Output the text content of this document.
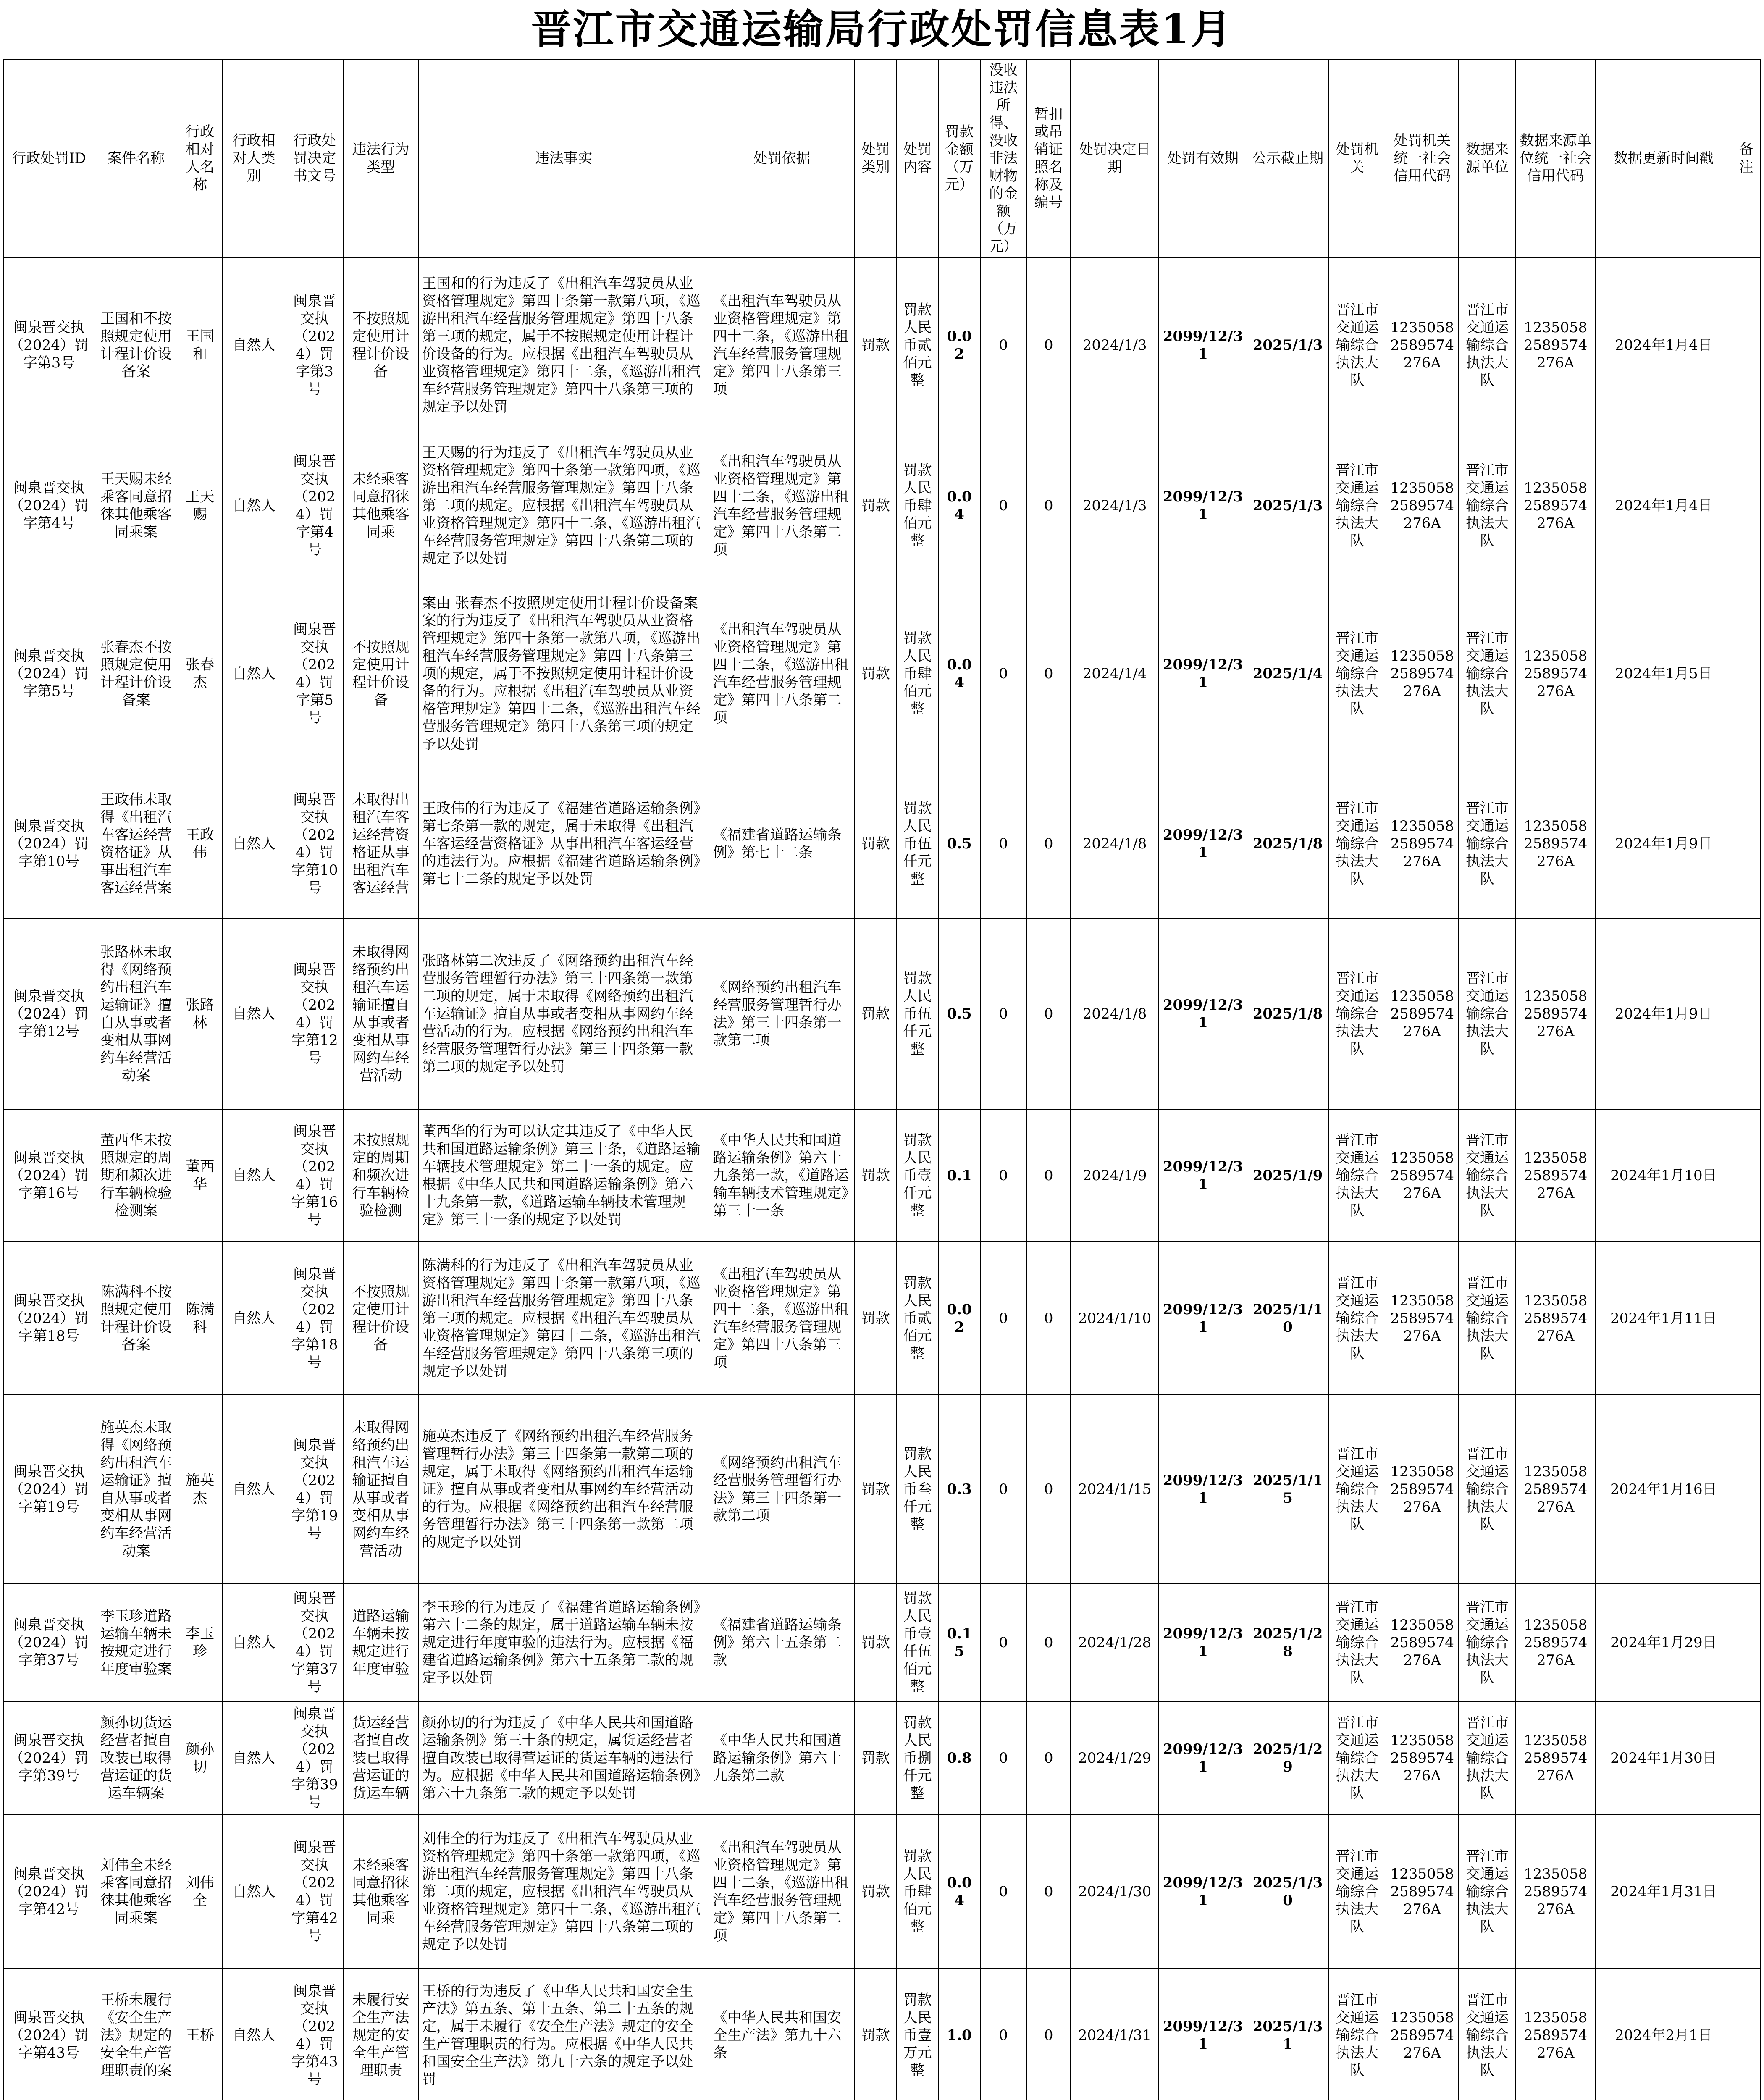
晋江市交通运输局行政处罚信息表1月
行政处罚ID	案件名称	行政相对人名称	行政相对人类别	行政处罚决定书文号	违法行为类型	违法事实	处罚依据	处罚类别	处罚内容	罚款金额（万元）	没收违法所得、没收非法财物的金额（万元）	暂扣或吊销证照名称及编号	处罚决定日期	处罚有效期	公示截止期	处罚机关	处罚机关统一社会信用代码	数据来源单位	数据来源单位统一社会信用代码	数据更新时间戳	备注
闽泉晋交执（2024）罚字第3号	王国和不按照规定使用计程计价设备案	王国和	自然人	闽泉晋交执（2024）罚字第3号	不按照规定使用计程计价设备	王国和的行为违反了《出租汽车驾驶员从业资格管理规定》第四十条第一款第八项，《巡游出租汽车经营服务管理规定》第四十八条第三项的规定，属于不按照规定使用计程计价设备的行为。应根据《出租汽车驾驶员从业资格管理规定》第四十二条，《巡游出租汽车经营服务管理规定》第四十八条第三项的规定予以处罚	《出租汽车驾驶员从业资格管理规定》第四十二条，《巡游出租汽车经营服务管理规定》第四十八条第三项	罚款	罚款人民币贰佰元整	0.02	0	0	2024/1/3	2099/12/31	2025/1/3	晋江市交通运输综合执法大队	12350582589574276A	晋江市交通运输综合执法大队	12350582589574276A	2024年1月4日	
闽泉晋交执（2024）罚字第4号	王天赐未经乘客同意招徕其他乘客同乘案	王天赐	自然人	闽泉晋交执（2024）罚字第4号	未经乘客同意招徕其他乘客同乘	王天赐的行为违反了《出租汽车驾驶员从业资格管理规定》第四十条第一款第四项，《巡游出租汽车经营服务管理规定》第四十八条第二项的规定。应根据《出租汽车驾驶员从业资格管理规定》第四十二条，《巡游出租汽车经营服务管理规定》第四十八条第二项的规定予以处罚	《出租汽车驾驶员从业资格管理规定》第四十二条，《巡游出租汽车经营服务管理规定》第四十八条第二项	罚款	罚款人民币肆佰元整	0.04	0	0	2024/1/3	2099/12/31	2025/1/3	晋江市交通运输综合执法大队	12350582589574276A	晋江市交通运输综合执法大队	12350582589574276A	2024年1月4日	
闽泉晋交执（2024）罚字第5号	张春杰不按照规定使用计程计价设备案	张春杰	自然人	闽泉晋交执（2024）罚字第5号	不按照规定使用计程计价设备	案由 张春杰不按照规定使用计程计价设备案案的行为违反了《出租汽车驾驶员从业资格管理规定》第四十条第一款第八项，《巡游出租汽车经营服务管理规定》第四十八条第三项的规定，属于不按照规定使用计程计价设备的行为。应根据《出租汽车驾驶员从业资格管理规定》第四十二条，《巡游出租汽车经营服务管理规定》第四十八条第三项的规定予以处罚	《出租汽车驾驶员从业资格管理规定》第四十二条，《巡游出租汽车经营服务管理规定》第四十八条第二项	罚款	罚款人民币肆佰元整	0.04	0	0	2024/1/4	2099/12/31	2025/1/4	晋江市交通运输综合执法大队	12350582589574276A	晋江市交通运输综合执法大队	12350582589574276A	2024年1月5日	
闽泉晋交执（2024）罚字第10号	王政伟未取得《出租汽车客运经营资格证》从事出租汽车客运经营案	王政伟	自然人	闽泉晋交执（2024）罚字第10号	未取得出租汽车客运经营资格证从事出租汽车客运经营	王政伟的行为违反了《福建省道路运输条例》第七条第一款的规定，属于未取得《出租汽车客运经营资格证》从事出租汽车客运经营的违法行为。应根据《福建省道路运输条例》第七十二条的规定予以处罚	《福建省道路运输条例》第七十二条	罚款	罚款人民币伍仟元整	0.5	0	0	2024/1/8	2099/12/31	2025/1/8	晋江市交通运输综合执法大队	12350582589574276A	晋江市交通运输综合执法大队	12350582589574276A	2024年1月9日	
闽泉晋交执（2024）罚字第12号	张路林未取得《网络预约出租汽车运输证》擅自从事或者变相从事网约车经营活动案	张路林	自然人	闽泉晋交执（2024）罚字第12号	未取得网络预约出租汽车运输证擅自从事或者变相从事网约车经营活动	张路林第二次违反了《网络预约出租汽车经营服务管理暂行办法》第三十四条第一款第二项的规定，属于未取得《网络预约出租汽车运输证》擅自从事或者变相从事网约车经营活动的行为。应根据《网络预约出租汽车经营服务管理暂行办法》第三十四条第一款第二项的规定予以处罚	《网络预约出租汽车经营服务管理暂行办法》第三十四条第一款第二项	罚款	罚款人民币伍仟元整	0.5	0	0	2024/1/8	2099/12/31	2025/1/8	晋江市交通运输综合执法大队	12350582589574276A	晋江市交通运输综合执法大队	12350582589574276A	2024年1月9日	
闽泉晋交执（2024）罚字第16号	董西华未按照规定的周期和频次进行车辆检验检测案	董西华	自然人	闽泉晋交执（2024）罚字第16号	未按照规定的周期和频次进行车辆检验检测	董西华的行为可以认定其违反了《中华人民共和国道路运输条例》第三十条，《道路运输车辆技术管理规定》第二十一条的规定。应根据《中华人民共和国道路运输条例》第六十九条第一款，《道路运输车辆技术管理规定》第三十一条的规定予以处罚	《中华人民共和国道路运输条例》第六十九条第一款，《道路运输车辆技术管理规定》第三十一条	罚款	罚款人民币壹仟元整	0.1	0	0	2024/1/9	2099/12/31	2025/1/9	晋江市交通运输综合执法大队	12350582589574276A	晋江市交通运输综合执法大队	12350582589574276A	2024年1月10日	
闽泉晋交执（2024）罚字第18号	陈满科不按照规定使用计程计价设备案	陈满科	自然人	闽泉晋交执（2024）罚字第18号	不按照规定使用计程计价设备	陈满科的行为违反了《出租汽车驾驶员从业资格管理规定》第四十条第一款第八项，《巡游出租汽车经营服务管理规定》第四十八条第三项的规定。应根据《出租汽车驾驶员从业资格管理规定》第四十二条，《巡游出租汽车经营服务管理规定》第四十八条第三项的规定予以处罚	《出租汽车驾驶员从业资格管理规定》第四十二条，《巡游出租汽车经营服务管理规定》第四十八条第三项	罚款	罚款人民币贰佰元整	0.02	0	0	2024/1/10	2099/12/31	2025/1/10	晋江市交通运输综合执法大队	12350582589574276A	晋江市交通运输综合执法大队	12350582589574276A	2024年1月11日	
闽泉晋交执（2024）罚字第19号	施英杰未取得《网络预约出租汽车运输证》擅自从事或者变相从事网约车经营活动案	施英杰	自然人	闽泉晋交执（2024）罚字第19号	未取得网络预约出租汽车运输证擅自从事或者变相从事网约车经营活动	施英杰违反了《网络预约出租汽车经营服务管理暂行办法》第三十四条第一款第二项的规定，属于未取得《网络预约出租汽车运输证》擅自从事或者变相从事网约车经营活动的行为。应根据《网络预约出租汽车经营服务管理暂行办法》第三十四条第一款第二项的规定予以处罚	《网络预约出租汽车经营服务管理暂行办法》第三十四条第一款第二项	罚款	罚款人民币叁仟元整	0.3	0	0	2024/1/15	2099/12/31	2025/1/15	晋江市交通运输综合执法大队	12350582589574276A	晋江市交通运输综合执法大队	12350582589574276A	2024年1月16日	
闽泉晋交执（2024）罚字第37号	李玉珍道路运输车辆未按规定进行年度审验案	李玉珍	自然人	闽泉晋交执（2024）罚字第37号	道路运输车辆未按规定进行年度审验	李玉珍的行为违反了《福建省道路运输条例》第六十二条的规定，属于道路运输车辆未按规定进行年度审验的违法行为。应根据《福建省道路运输条例》第六十五条第二款的规定予以处罚	《福建省道路运输条例》第六十五条第二款	罚款	罚款人民币壹仟伍佰元整	0.15	0	0	2024/1/28	2099/12/31	2025/1/28	晋江市交通运输综合执法大队	12350582589574276A	晋江市交通运输综合执法大队	12350582589574276A	2024年1月29日	
闽泉晋交执（2024）罚字第39号	颜孙切货运经营者擅自改装已取得营运证的货运车辆案	颜孙切	自然人	闽泉晋交执（2024）罚字第39号	货运经营者擅自改装已取得营运证的货运车辆	颜孙切的行为违反了《中华人民共和国道路运输条例》第三十条的规定，属货运经营者擅自改装已取得营运证的货运车辆的违法行为。应根据《中华人民共和国道路运输条例》第六十九条第二款的规定予以处罚	《中华人民共和国道路运输条例》第六十九条第二款	罚款	罚款人民币捌仟元整	0.8	0	0	2024/1/29	2099/12/31	2025/1/29	晋江市交通运输综合执法大队	12350582589574276A	晋江市交通运输综合执法大队	12350582589574276A	2024年1月30日	
闽泉晋交执（2024）罚字第42号	刘伟全未经乘客同意招徕其他乘客同乘案	刘伟全	自然人	闽泉晋交执（2024）罚字第42号	未经乘客同意招徕其他乘客同乘	刘伟全的行为违反了《出租汽车驾驶员从业资格管理规定》第四十条第一款第四项，《巡游出租汽车经营服务管理规定》第四十八条第二项的规定，应根据《出租汽车驾驶员从业资格管理规定》第四十二条，《巡游出租汽车经营服务管理规定》第四十八条第二项的规定予以处罚	《出租汽车驾驶员从业资格管理规定》第四十二条，《巡游出租汽车经营服务管理规定》第四十八条第二项	罚款	罚款人民币肆佰元整	0.04	0	0	2024/1/30	2099/12/31	2025/1/30	晋江市交通运输综合执法大队	12350582589574276A	晋江市交通运输综合执法大队	12350582589574276A	2024年1月31日	
闽泉晋交执（2024）罚字第43号	王桥未履行《安全生产法》规定的安全生产管理职责的案	王桥	自然人	闽泉晋交执（2024）罚字第43号	未履行安全生产法规定的安全生产管理职责	王桥的行为违反了《中华人民共和国安全生产法》第五条、第十五条、第二十五条的规定，属于未履行《安全生产法》规定的安全生产管理职责的行为。应根据《中华人民共和国安全生产法》第九十六条的规定予以处罚	《中华人民共和国安全生产法》第九十六条	罚款	罚款人民币壹万元整	1.0	0	0	2024/1/31	2099/12/31	2025/1/31	晋江市交通运输综合执法大队	12350582589574276A	晋江市交通运输综合执法大队	12350582589574276A	2024年2月1日	
